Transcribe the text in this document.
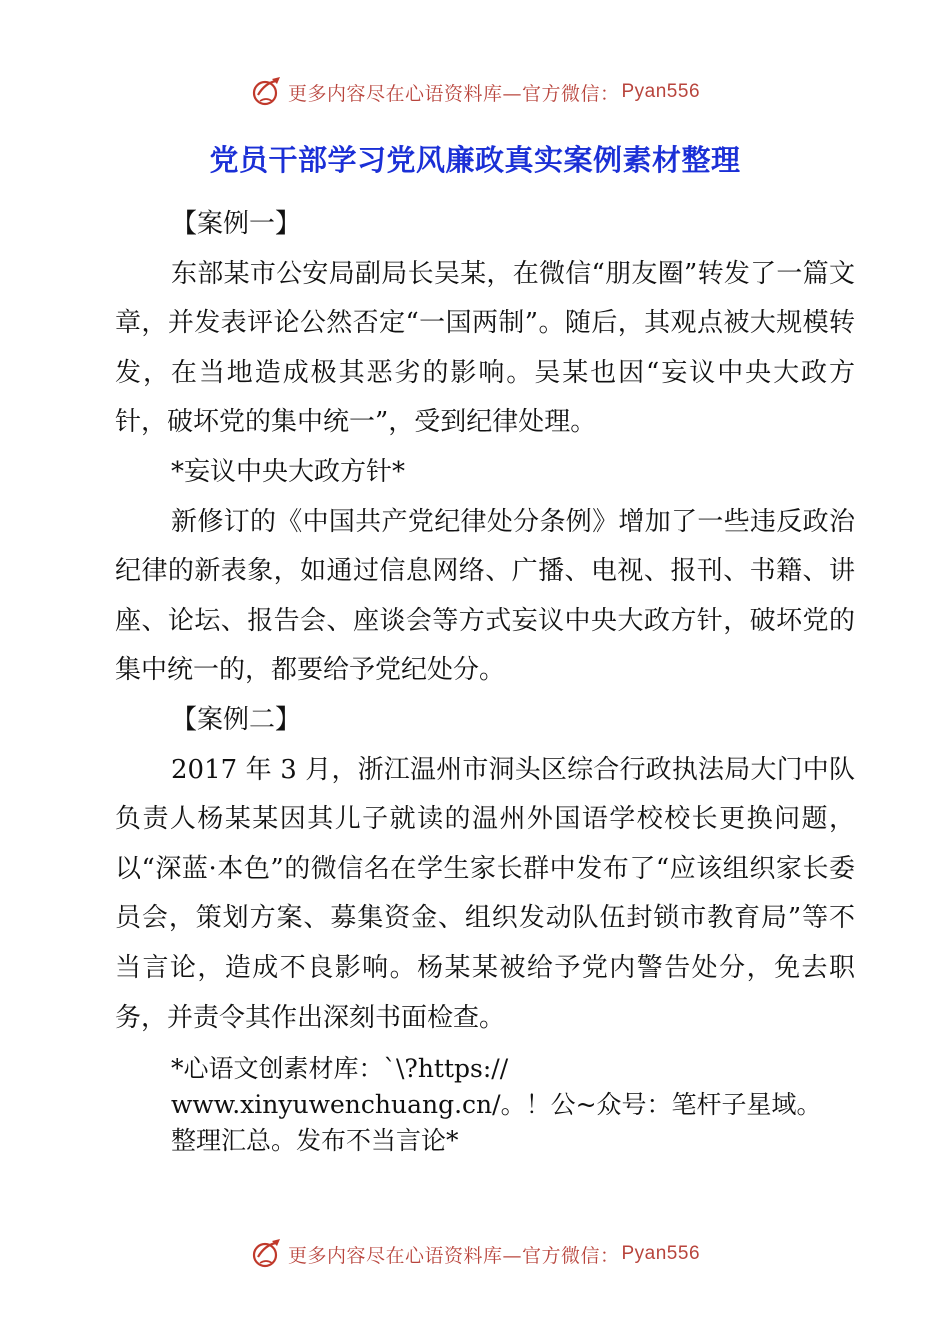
更多内容尽在心语资料库—官方微信： Pyan556
党员干部学习党风廉政真实案例素材整理

【案例一】

东部某市公安局副局长吴某，在微信“朋友圈”转发了一篇文章，并发表评论公然否定“一国两制”。随后，其观点被大规模转发，在当地造成极其恶劣的影响。吴某也因“妄议中央大政方针，破坏党的集中统一”，受到纪律处理。

*妄议中央大政方针*

新修订的《中国共产党纪律处分条例》增加了一些违反政治纪律的新表象，如通过信息网络、广播、电视、报刊、书籍、讲座、论坛、报告会、座谈会等方式妄议中央大政方针，破坏党的集中统一的，都要给予党纪处分。

【案例二】

2017 年 3 月，浙江温州市洞头区综合行政执法局大门中队负责人杨某某因其儿子就读的温州外国语学校校长更换问题，以“深蓝·本色”的微信名在学生家长群中发布了“应该组织家长委员会，策划方案、募集资金、组织发动队伍封锁市教育局”等不当言论，造成不良影响。杨某某被给予党内警告处分，免去职务，并责令其作出深刻书面检查。

*心语文创素材库：`\?https://
www.xinyuwenchuang.cn/。！公~众号：笔杆子星域。
整理汇总。发布不当言论*
更多内容尽在心语资料库—官方微信： Pyan556
